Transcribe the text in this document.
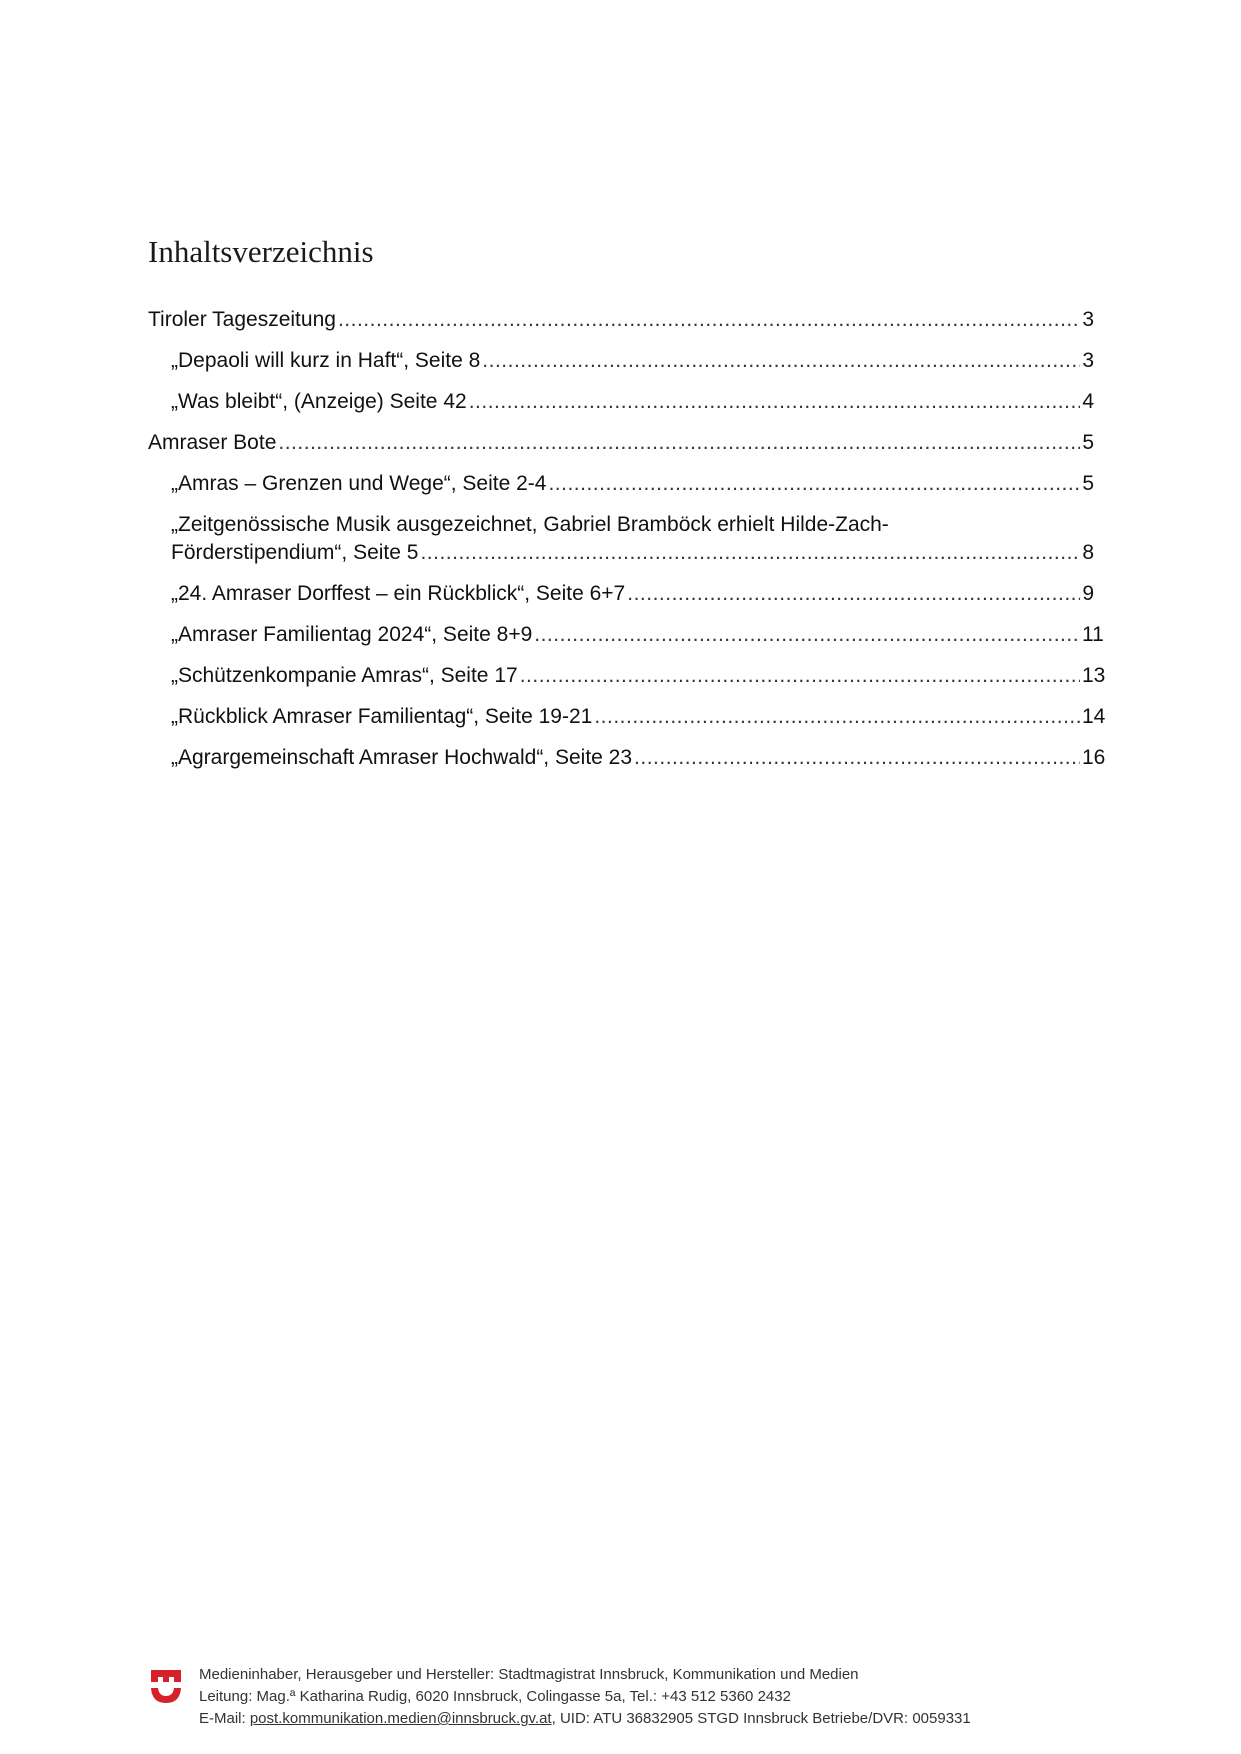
Inhaltsverzeichnis
Tiroler Tageszeitung .....	3
„Depaoli will kurz in Haft“, Seite 8 .....	3
„Was bleibt“, (Anzeige) Seite 42 .....	4
Amraser Bote .....	5
„Amras – Grenzen und Wege“, Seite 2-4 .....	5
„Zeitgenössische Musik ausgezeichnet, Gabriel Bramböck erhielt Hilde-Zach-
Förderstipendium“, Seite 5 .....	8
„24. Amraser Dorffest – ein Rückblick“, Seite 6+7 .....	9
„Amraser Familientag 2024“, Seite 8+9 .....	11
„Schützenkompanie Amras“, Seite 17 .....	13
„Rückblick Amraser Familientag“, Seite 19-21 .....	14
„Agrargemeinschaft Amraser Hochwald“, Seite 23 .....	16
Medieninhaber, Herausgeber und Hersteller: Stadtmagistrat Innsbruck, Kommunikation und Medien
Leitung: Mag.ª Katharina Rudig, 6020 Innsbruck, Colingasse 5a, Tel.: +43 512 5360 2432
E-Mail: post.kommunikation.medien@innsbruck.gv.at, UID: ATU 36832905 STGD Innsbruck Betriebe/DVR: 0059331
